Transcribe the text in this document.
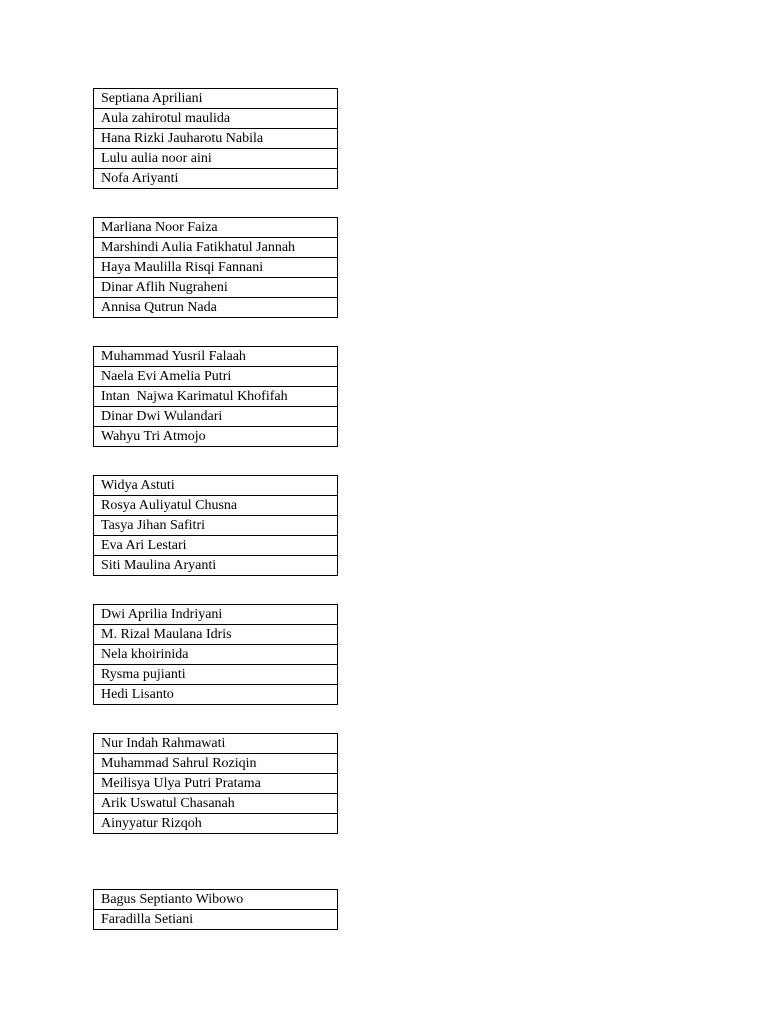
Septiana Apriliani
Aula zahirotul maulida
Hana Rizki Jauharotu Nabila
Lulu aulia noor aini
Nofa Ariyanti
Marliana Noor Faiza
Marshindi Aulia Fatikhatul Jannah
Haya Maulilla Risqi Fannani
Dinar Aflih Nugraheni
Annisa Qutrun Nada
Muhammad Yusril Falaah
Naela Evi Amelia Putri
Intan  Najwa Karimatul Khofifah
Dinar Dwi Wulandari
Wahyu Tri Atmojo
Widya Astuti
Rosya Auliyatul Chusna
Tasya Jihan Safitri
Eva Ari Lestari
Siti Maulina Aryanti
Dwi Aprilia Indriyani
M. Rizal Maulana Idris
Nela khoirinida
Rysma pujianti
Hedi Lisanto
Nur Indah Rahmawati
Muhammad Sahrul Roziqin
Meilisya Ulya Putri Pratama
Arik Uswatul Chasanah
Ainyyatur Rizqoh
Bagus Septianto Wibowo
Faradilla Setiani
